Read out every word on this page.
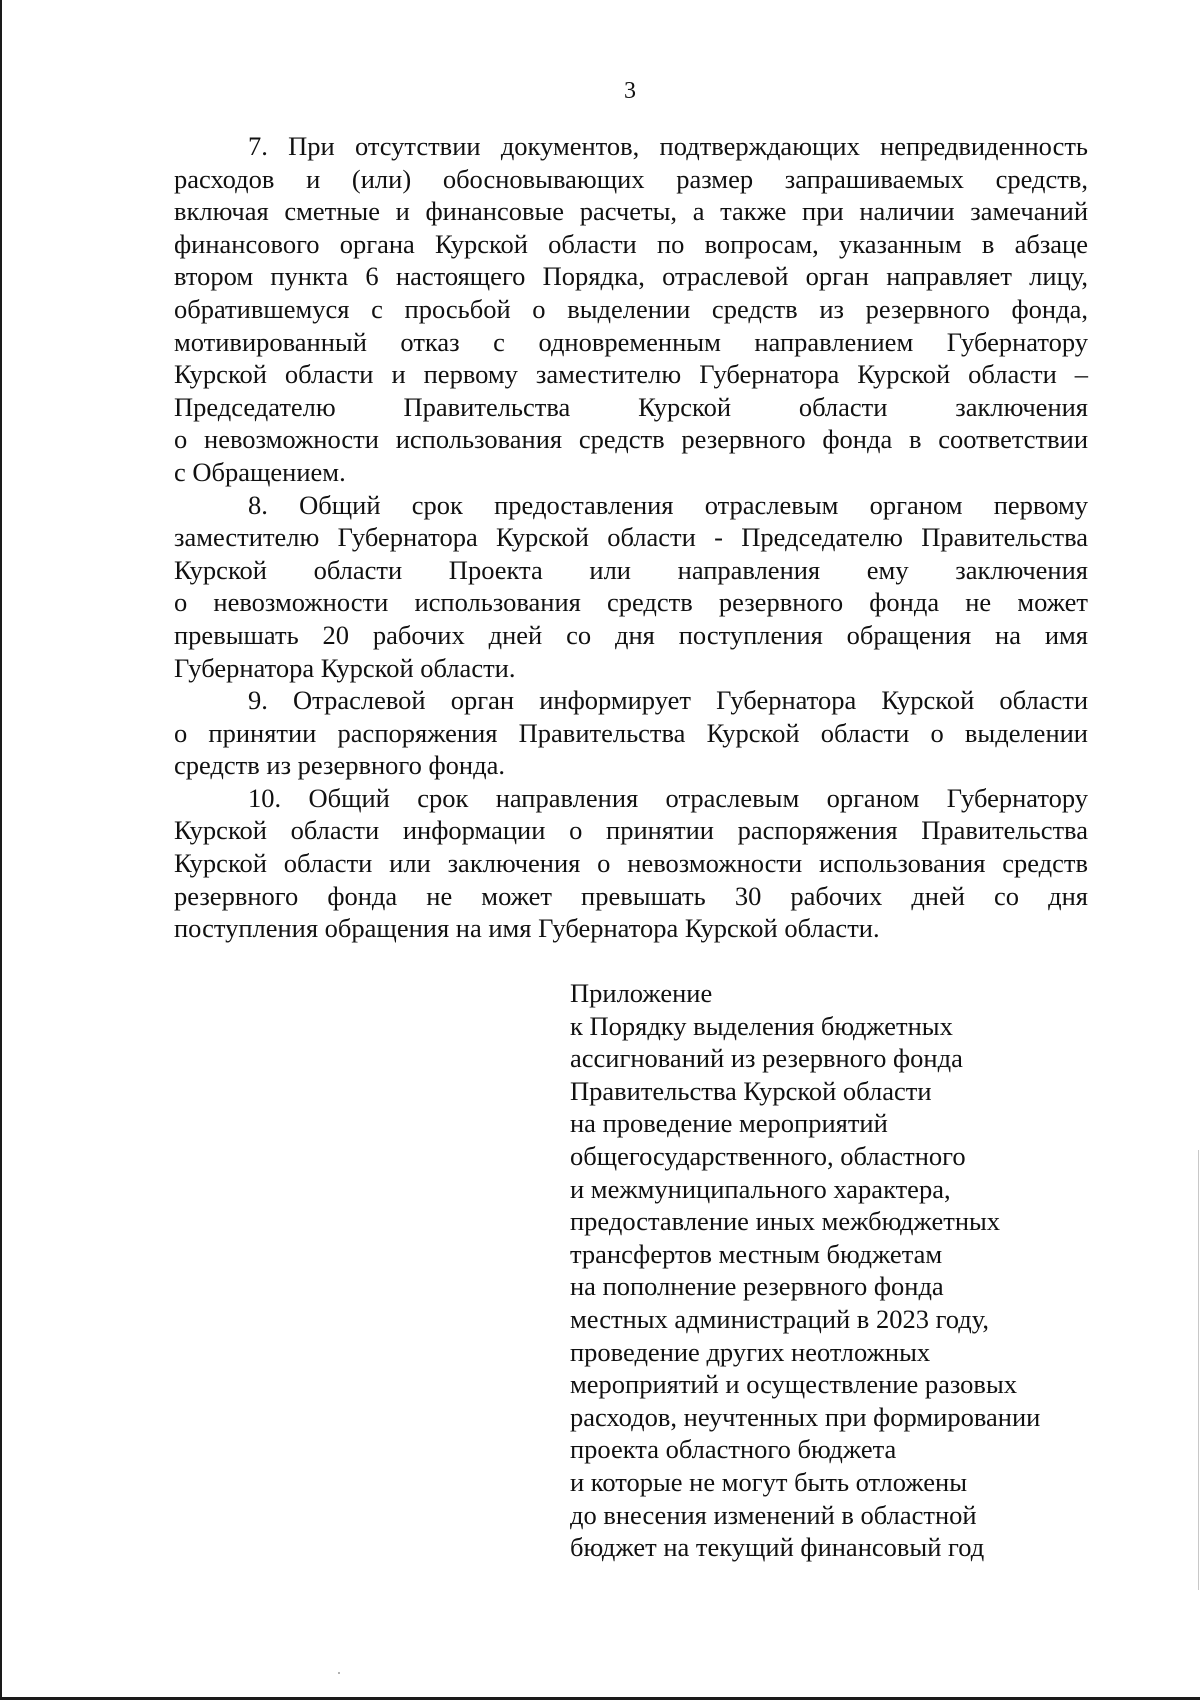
3
7. При отсутствии документов, подтверждающих непредвиденность
расходов и (или) обосновывающих размер запрашиваемых средств,
включая сметные и финансовые расчеты, а также при наличии замечаний
финансового органа Курской области по вопросам, указанным в абзаце
втором пункта 6 настоящего Порядка, отраслевой орган направляет лицу,
обратившемуся с просьбой о выделении средств из резервного фонда,
мотивированный отказ с одновременным направлением Губернатору
Курской области и первому заместителю Губернатора Курской области –
Председателю Правительства Курской области заключения
о невозможности использования средств резервного фонда в соответствии
с Обращением.
8. Общий срок предоставления отраслевым органом первому
заместителю Губернатора Курской области - Председателю Правительства
Курской области Проекта или направления ему заключения
о невозможности использования средств резервного фонда не может
превышать 20 рабочих дней со дня поступления обращения на имя
Губернатора Курской области.
9. Отраслевой орган информирует Губернатора Курской области
о принятии распоряжения Правительства Курской области о выделении
средств из резервного фонда.
10. Общий срок направления отраслевым органом Губернатору
Курской области информации о принятии распоряжения Правительства
Курской области или заключения о невозможности использования средств
резервного фонда не может превышать 30 рабочих дней со дня
поступления обращения на имя Губернатора Курской области.
Приложение
к Порядку выделения бюджетных
ассигнований из резервного фонда
Правительства Курской области
на проведение мероприятий
общегосударственного, областного
и межмуниципального характера,
предоставление иных межбюджетных
трансфертов местным бюджетам
на пополнение резервного фонда
местных администраций в 2023 году,
проведение других неотложных
мероприятий и осуществление разовых
расходов, неучтенных при формировании
проекта областного бюджета
и которые не могут быть отложены
до внесения изменений в областной
бюджет на текущий финансовый год
